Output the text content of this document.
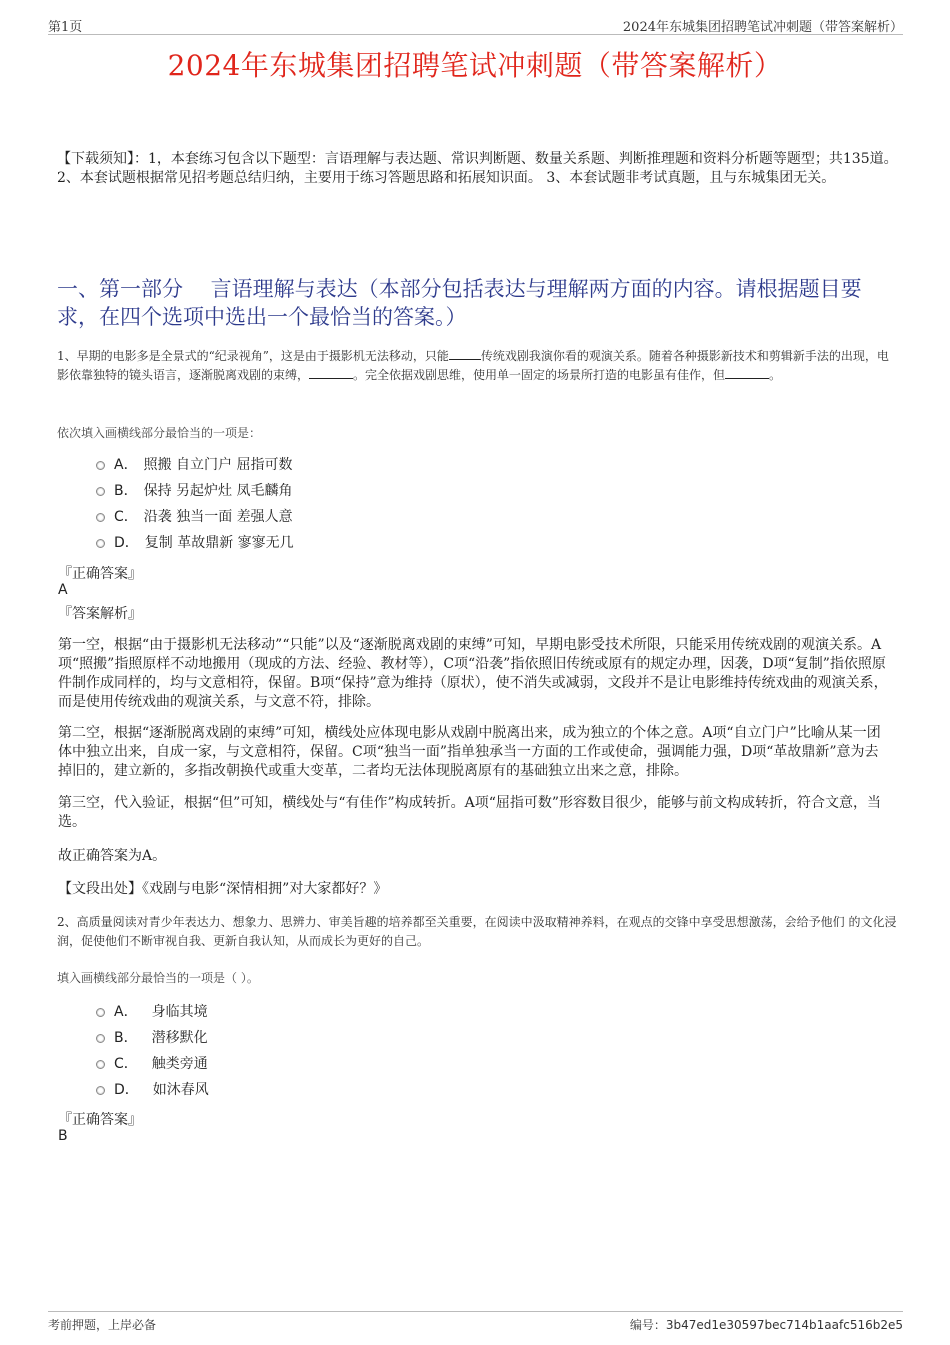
第1页	2024年东城集团招聘笔试冲刺题（带答案解析）
2024年东城集团招聘笔试冲刺题（带答案解析）
【下载须知】：1，本套练习包含以下题型：言语理解与表达题、常识判断题、数量关系题、判断推理题和资料分析题等题型；共135道。 2、本套试题根据常见招考题总结归纳，主要用于练习答题思路和拓展知识面。 3、本套试题非考试真题，且与东城集团无关。
一、第一部分　 言语理解与表达（本部分包括表达与理解两方面的内容。请根据题目要求，在四个选项中选出一个最恰当的答案。）
1、早期的电影多是全景式的“纪录视角”，这是由于摄影机无法移动，只能	传统戏剧我演你看的观演关系。随着各种摄影新技术和剪辑新手法的出现，电影依靠独特的镜头语言，逐渐脱离戏剧的束缚，	。完全依据戏剧思维，使用单一固定的场景所打造的电影虽有佳作，但	。
依次填入画横线部分最恰当的一项是：
A． 照搬 自立门户 屈指可数
B． 保持 另起炉灶 凤毛麟角
C． 沿袭 独当一面 差强人意
D． 复制 革故鼎新 寥寥无几
『正确答案』
A
『答案解析』
第一空，根据“由于摄影机无法移动”“只能”以及“逐渐脱离戏剧的束缚”可知，早期电影受技术所限，只能采用传统戏剧的观演关系。A项“照搬”指照原样不动地搬用（现成的方法、经验、教材等），C项“沿袭”指依照旧传统或原有的规定办理，因袭，D项“复制”指依照原件制作成同样的，均与文意相符，保留。B项“保持”意为维持（原状），使不消失或减弱，文段并不是让电影维持传统戏曲的观演关系，而是使用传统戏曲的观演关系，与文意不符，排除。
第二空，根据“逐渐脱离戏剧的束缚”可知，横线处应体现电影从戏剧中脱离出来，成为独立的个体之意。A项“自立门户”比喻从某一团体中独立出来，自成一家，与文意相符，保留。C项“独当一面”指单独承当一方面的工作或使命，强调能力强，D项“革故鼎新”意为去掉旧的，建立新的，多指改朝换代或重大变革，二者均无法体现脱离原有的基础独立出来之意，排除。
第三空，代入验证，根据“但”可知，横线处与“有佳作”构成转折。A项“屈指可数”形容数目很少，能够与前文构成转折，符合文意，当选。
故正确答案为A。
【文段出处】《戏剧与电影“深情相拥”对大家都好？》
2、高质量阅读对青少年表达力、想象力、思辨力、审美旨趣的培养都至关重要，在阅读中汲取精神养料，在观点的交锋中享受思想激荡，会给予他们 的文化浸润，促使他们不断审视自我、更新自我认知，从而成长为更好的自己。
填入画横线部分最恰当的一项是（ ）。
A． 身临其境
B． 潜移默化
C． 触类旁通
D． 如沐春风
『正确答案』
B
考前押题，上岸必备	编号：3b47ed1e30597bec714b1aafc516b2e5
